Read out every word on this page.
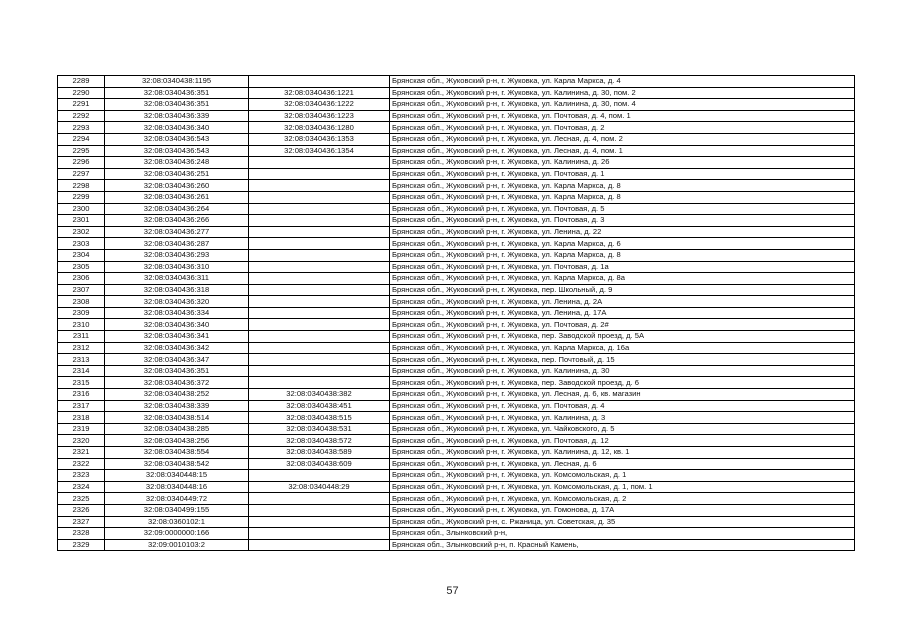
2289	32:08:0340438:1195		Брянская обл., Жуковский р-н, г. Жуковка, ул. Карла Маркса, д. 4
2290	32:08:0340436:351	32:08:0340436:1221	Брянская обл., Жуковский р-н, г. Жуковка, ул. Калинина, д. 30, пом. 2
2291	32:08:0340436:351	32:08:0340436:1222	Брянская обл., Жуковский р-н, г. Жуковка, ул. Калинина, д. 30, пом. 4
2292	32:08:0340436:339	32:08:0340436:1223	Брянская обл., Жуковский р-н, г. Жуковка, ул. Почтовая, д. 4, пом. 1
2293	32:08:0340436:340	32:08:0340436:1280	Брянская обл., Жуковский р-н, г. Жуковка, ул. Почтовая, д. 2
2294	32:08:0340436:543	32:08:0340436:1353	Брянская обл., Жуковский р-н, г. Жуковка, ул. Лесная, д. 4, пом. 2
2295	32:08:0340436:543	32:08:0340436:1354	Брянская обл., Жуковский р-н, г. Жуковка, ул. Лесная, д. 4, пом. 1
2296	32:08:0340436:248		Брянская обл., Жуковский р-н, г. Жуковка, ул. Калинина, д. 26
2297	32:08:0340436:251		Брянская обл., Жуковский р-н, г. Жуковка, ул. Почтовая, д. 1
2298	32:08:0340436:260		Брянская обл., Жуковский р-н, г. Жуковка, ул. Карла Маркса, д. 8
2299	32:08:0340436:261		Брянская обл., Жуковский р-н, г. Жуковка, ул. Карла Маркса, д. 8
2300	32:08:0340436:264		Брянская обл., Жуковский р-н, г. Жуковка, ул. Почтовая, д. 5
2301	32:08:0340436:266		Брянская обл., Жуковский р-н, г. Жуковка, ул. Почтовая, д. 3
2302	32:08:0340436:277		Брянская обл., Жуковский р-н, г. Жуковка, ул. Ленина, д. 22
2303	32:08:0340436:287		Брянская обл., Жуковский р-н, г. Жуковка, ул. Карла Маркса, д. 6
2304	32:08:0340436:293		Брянская обл., Жуковский р-н, г. Жуковка, ул. Карла Маркса, д. 8
2305	32:08:0340436:310		Брянская обл., Жуковский р-н, г. Жуковка, ул. Почтовая, д. 1а
2306	32:08:0340436:311		Брянская обл., Жуковский р-н, г. Жуковка, ул. Карла Маркса, д. 8а
2307	32:08:0340436:318		Брянская обл., Жуковский р-н, г. Жуковка, пер. Школьный, д. 9
2308	32:08:0340436:320		Брянская обл., Жуковский р-н, г. Жуковка, ул. Ленина, д. 2А
2309	32:08:0340436:334		Брянская обл., Жуковский р-н, г. Жуковка, ул. Ленина, д. 17А
2310	32:08:0340436:340		Брянская обл., Жуковский р-н, г. Жуковка, ул. Почтовая, д. 2#
2311	32:08:0340436:341		Брянская обл., Жуковский р-н, г. Жуковка, пер. Заводской проезд, д. 5А
2312	32:08:0340436:342		Брянская обл., Жуковский р-н, г. Жуковка, ул. Карла Маркса, д. 16а
2313	32:08:0340436:347		Брянская обл., Жуковский р-н, г. Жуковка, пер. Почтовый, д. 15
2314	32:08:0340436:351		Брянская обл., Жуковский р-н, г. Жуковка, ул. Калинина, д. 30
2315	32:08:0340436:372		Брянская обл., Жуковский р-н, г. Жуковка, пер. Заводской проезд, д. 6
2316	32:08:0340438:252	32:08:0340438:382	Брянская обл., Жуковский р-н, г. Жуковка, ул. Лесная, д. 6, кв. магазин
2317	32:08:0340438:339	32:08:0340438:451	Брянская обл., Жуковский р-н, г. Жуковка, ул. Почтовая, д. 4
2318	32:08:0340438:514	32:08:0340438:515	Брянская обл., Жуковский р-н, г. Жуковка, ул. Калинина, д. 3
2319	32:08:0340438:285	32:08:0340438:531	Брянская обл., Жуковский р-н, г. Жуковка, ул. Чайковского, д. 5
2320	32:08:0340438:256	32:08:0340438:572	Брянская обл., Жуковский р-н, г. Жуковка, ул. Почтовая, д. 12
2321	32:08:0340438:554	32:08:0340438:589	Брянская обл., Жуковский р-н, г. Жуковка, ул. Калинина, д. 12, кв. 1
2322	32:08:0340438:542	32:08:0340438:609	Брянская обл., Жуковский р-н, г. Жуковка, ул. Лесная, д. 6
2323	32:08:0340448:15		Брянская обл., Жуковский р-н, г. Жуковка, ул. Комсомольская, д. 1
2324	32:08:0340448:16	32:08:0340448:29	Брянская обл., Жуковский р-н, г. Жуковка, ул. Комсомольская, д. 1, пом. 1
2325	32:08:0340449:72		Брянская обл., Жуковский р-н, г. Жуковка, ул. Комсомольская, д. 2
2326	32:08:0340499:155		Брянская обл., Жуковский р-н, г. Жуковка, ул. Гомонова, д. 17А
2327	32:08:0360102:1		Брянская обл., Жуковский р-н, с. Ржаница, ул. Советская, д. 35
2328	32:09:0000000:166		Брянская обл., Злынковский р-н,
2329	32:09:0010103:2		Брянская обл., Злынковский р-н, п. Красный Камень,
57
